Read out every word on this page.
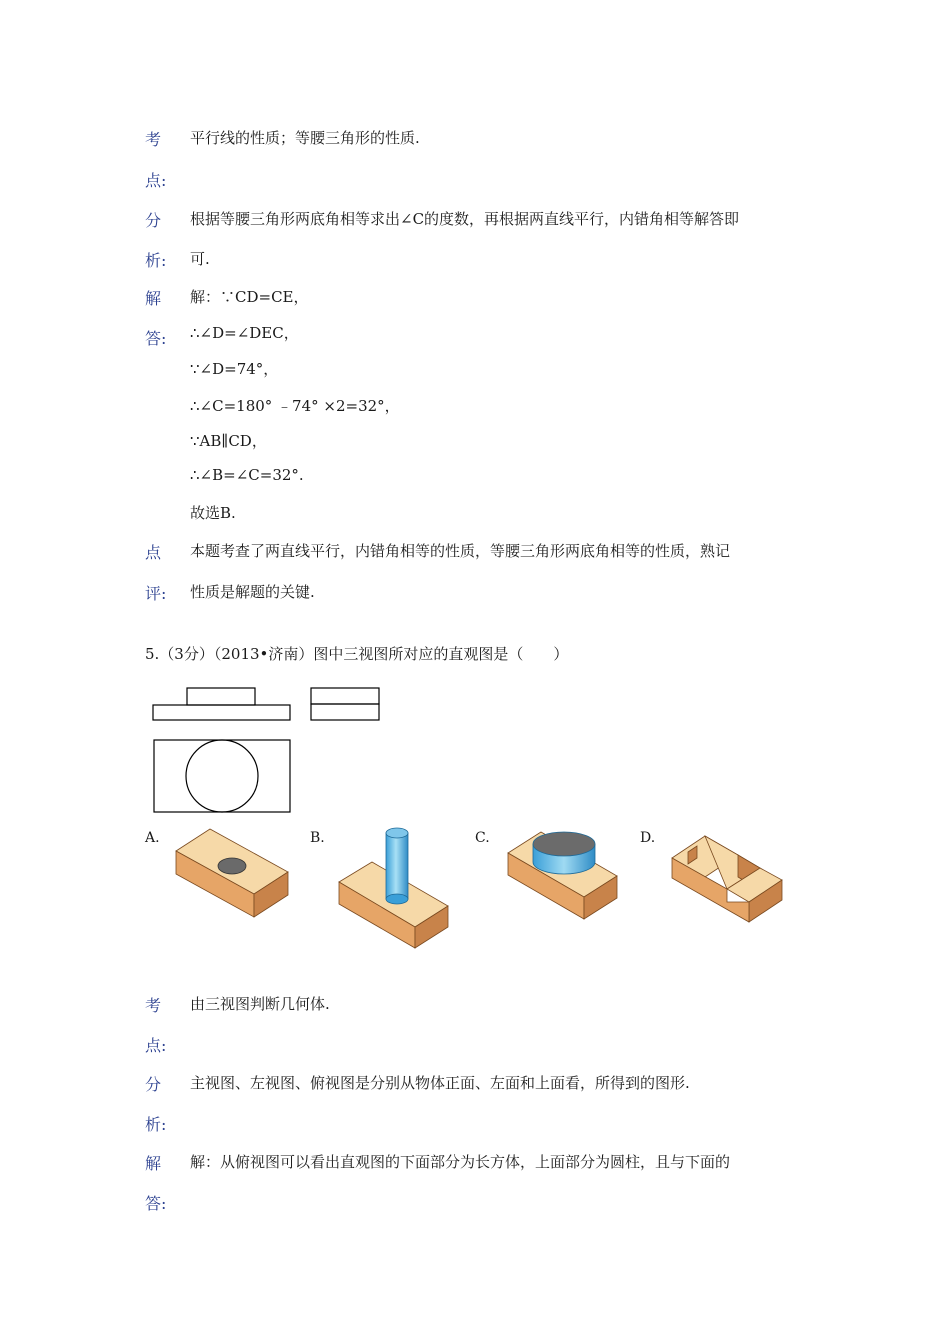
考 平行线的性质；等腰三角形的性质.
点:
分 根据等腰三角形两底角相等求出∠C的度数，再根据两直线平行，内错角相等解答即
析: 可.
解
答:
解：∵CD=CE，
∴∠D=∠DEC，
∵∠D=74°，
∴∠C=180° ﹣74° ×2=32°，
∵AB∥CD，
∴∠B=∠C=32°.
故选B.
点 本题考查了两直线平行，内错角相等的性质，等腰三角形两底角相等的性质，熟记
评: 性质是解题的关键.
5.（3分）（2013•济南）图中三视图所对应的直观图是（　　）
A.	B.	C.	D.
考 由三视图判断几何体.
点:
分 主视图、左视图、俯视图是分别从物体正面、左面和上面看，所得到的图形.
析:
解 解：从俯视图可以看出直观图的下面部分为长方体，上面部分为圆柱，且与下面的
答:
